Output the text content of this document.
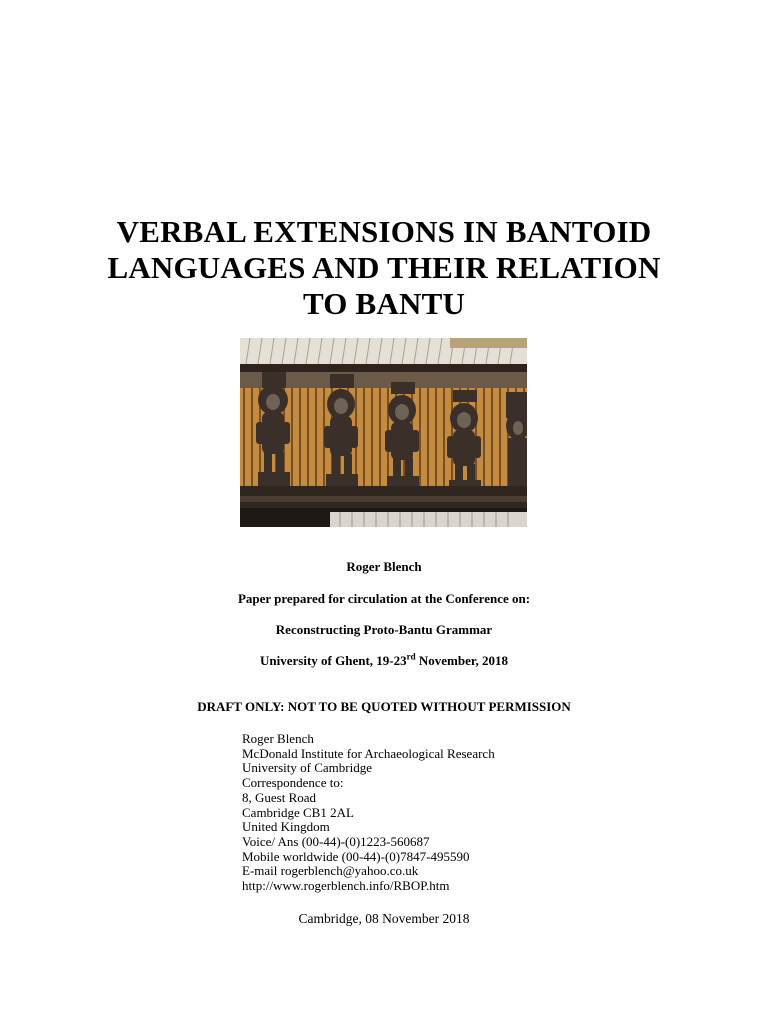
VERBAL EXTENSIONS IN BANTOID
LANGUAGES AND THEIR RELATION
TO BANTU

Roger Blench

Paper prepared for circulation at the Conference on:

Reconstructing Proto-Bantu Grammar

University of Ghent, 19-23rd November, 2018

DRAFT ONLY: NOT TO BE QUOTED WITHOUT PERMISSION

Roger Blench
McDonald Institute for Archaeological Research
University of Cambridge
Correspondence to:
8, Guest Road
Cambridge CB1 2AL
United Kingdom
Voice/ Ans (00-44)-(0)1223-560687
Mobile worldwide (00-44)-(0)7847-495590
E-mail rogerblench@yahoo.co.uk
http://www.rogerblench.info/RBOP.htm

Cambridge, 08 November 2018
